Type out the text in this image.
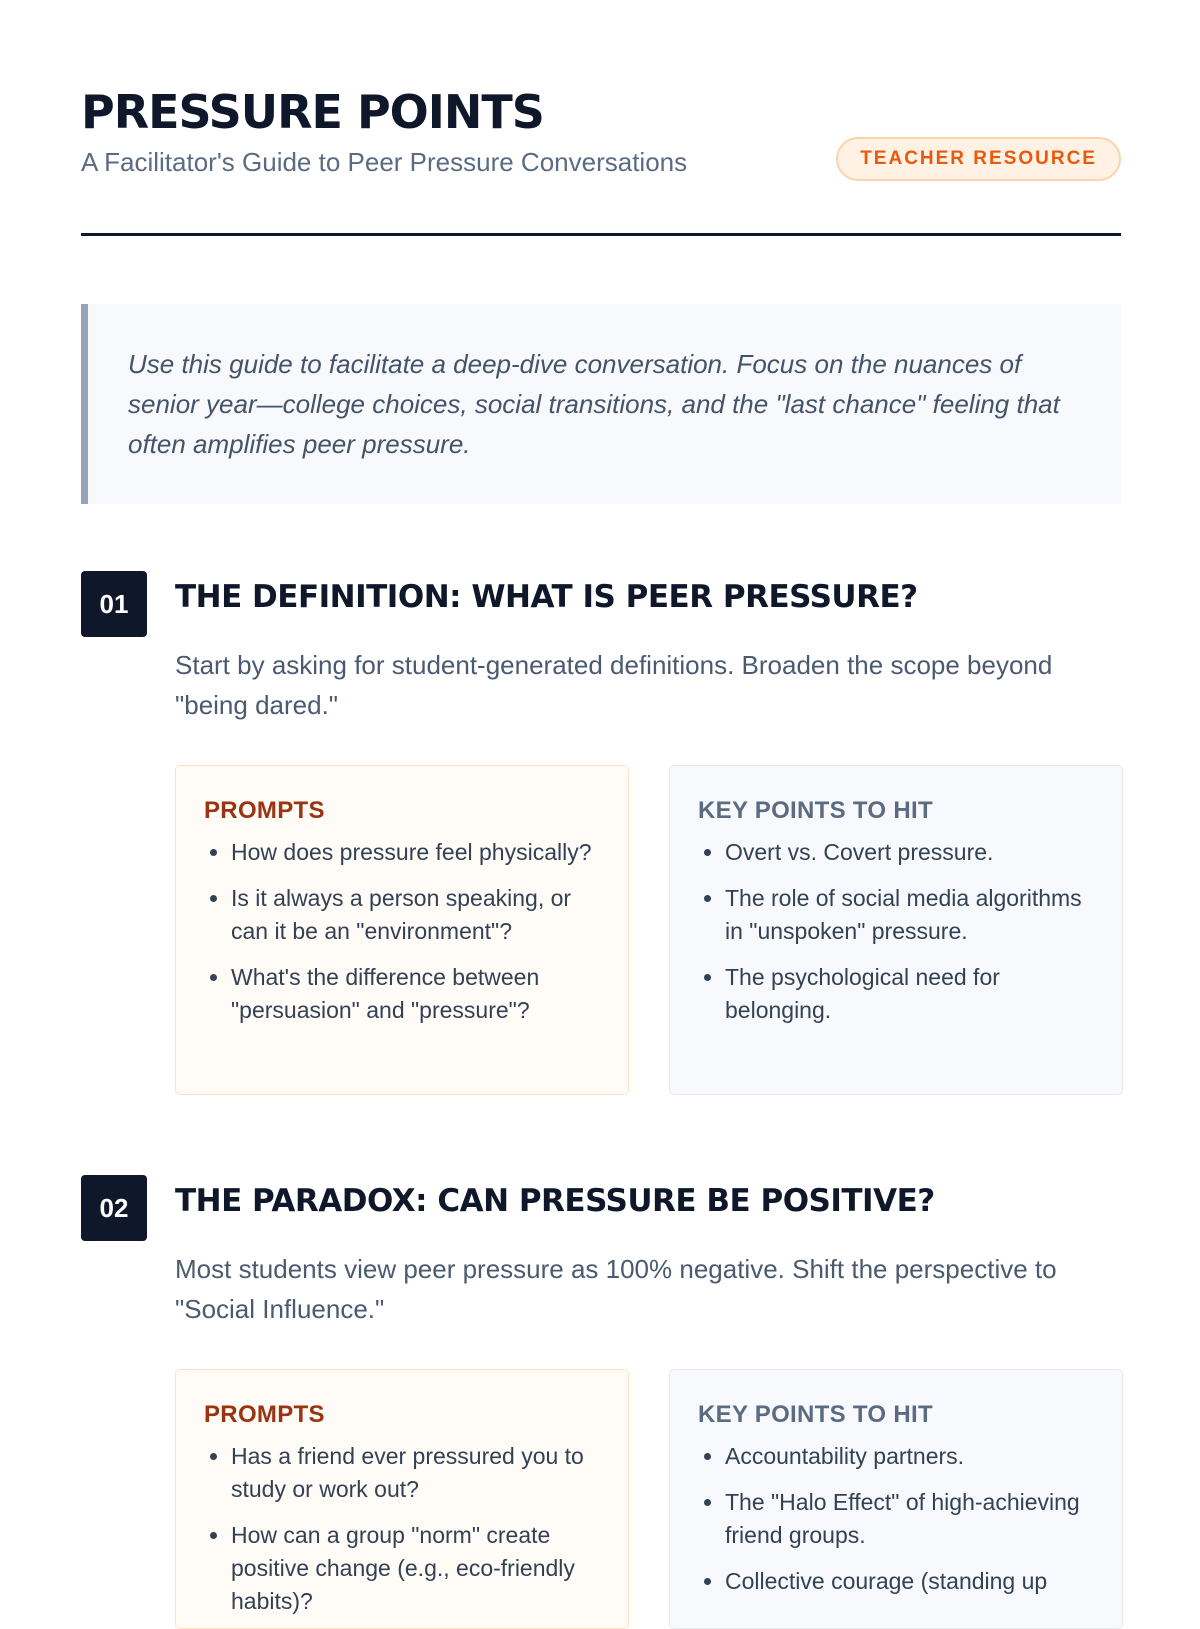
PRESSURE POINTS
A Facilitator's Guide to Peer Pressure Conversations	TEACHER RESOURCE

Use this guide to facilitate a deep-dive conversation. Focus on the nuances of senior year—college choices, social transitions, and the "last chance" feeling that often amplifies peer pressure.

01	THE DEFINITION: WHAT IS PEER PRESSURE?

Start by asking for student-generated definitions. Broaden the scope beyond "being dared."

PROMPTS
• How does pressure feel physically?
• Is it always a person speaking, or can it be an "environment"?
• What's the difference between "persuasion" and "pressure"?
KEY POINTS TO HIT
• Overt vs. Covert pressure.
• The role of social media algorithms in "unspoken" pressure.
• The psychological need for belonging.
02	THE PARADOX: CAN PRESSURE BE POSITIVE?

Most students view peer pressure as 100% negative. Shift the perspective to "Social Influence."

PROMPTS
• Has a friend ever pressured you to study or work out?
• How can a group "norm" create positive change (e.g., eco-friendly habits)?
KEY POINTS TO HIT
• Accountability partners.
• The "Halo Effect" of high-achieving friend groups.
• Collective courage (standing up
